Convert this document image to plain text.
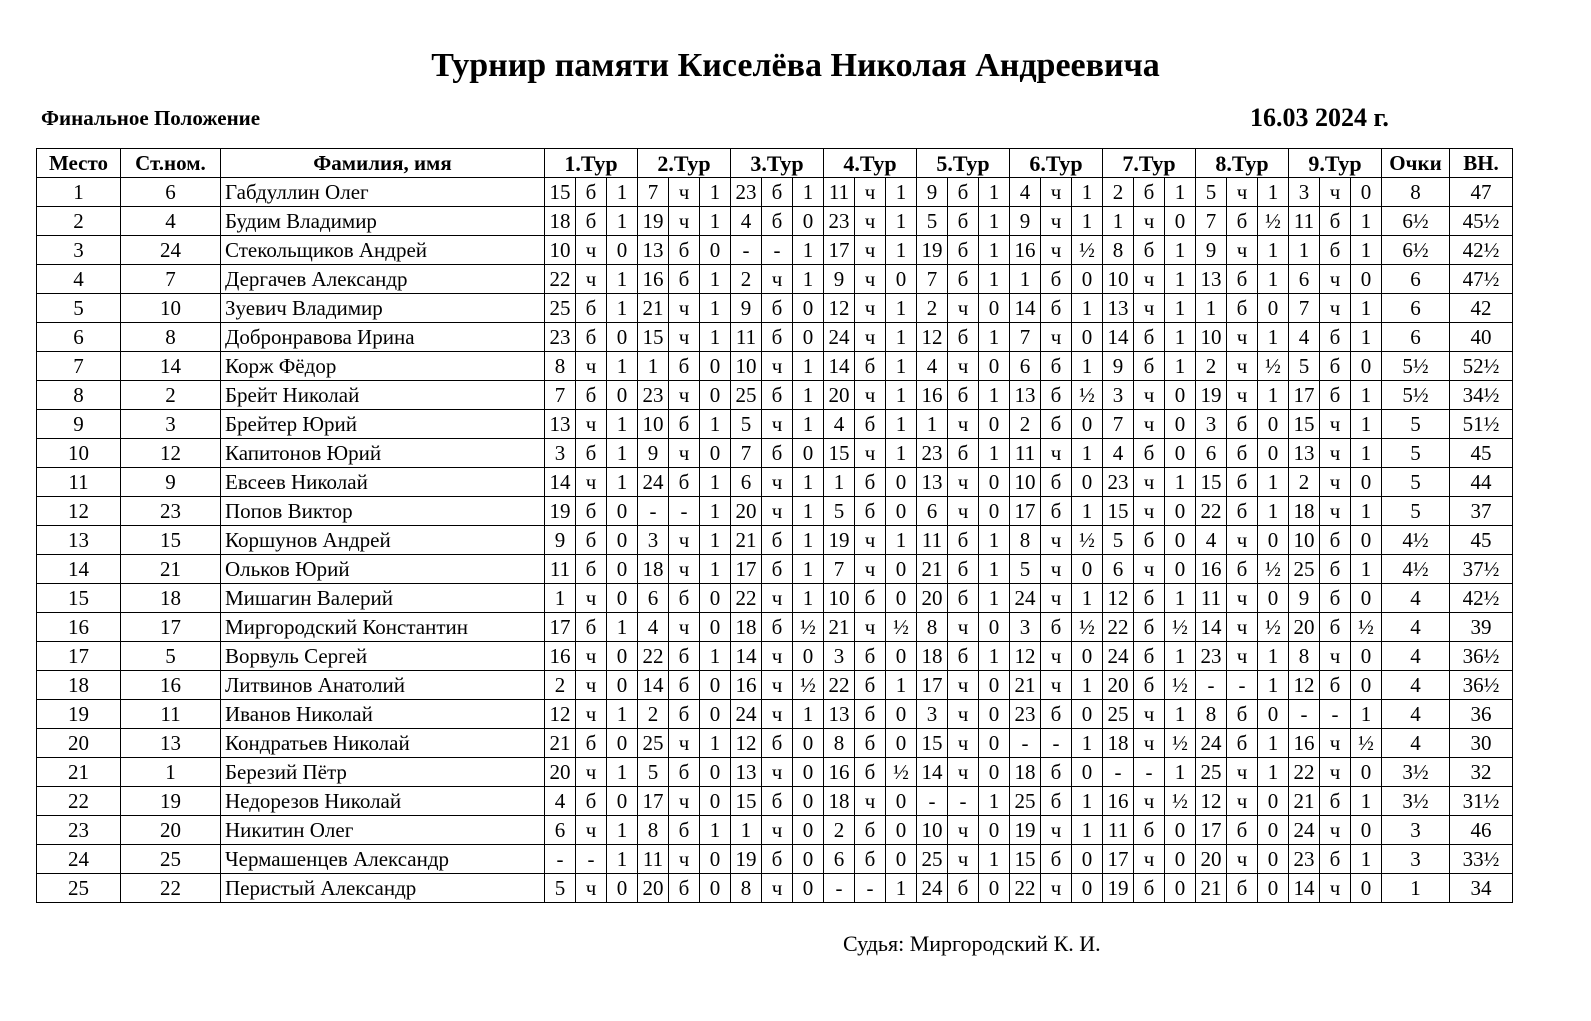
Турнир памяти Киселёва Николая Андреевича
Финальное Положение	16.03 2024 г.
Место	Ст.ном.	Фамилия, имя	1.Тур			2.Тур			3.Тур			4.Тур			5.Тур			6.Тур			7.Тур			8.Тур			9.Тур			Очки	ВН.
1	6	Габдуллин Олег	15	б	1	7	ч	1	23	б	1	11	ч	1	9	б	1	4	ч	1	2	б	1	5	ч	1	3	ч	0	8	47
2	4	Будим Владимир	18	б	1	19	ч	1	4	б	0	23	ч	1	5	б	1	9	ч	1	1	ч	0	7	б	½	11	б	1	6½	45½
3	24	Стекольщиков Андрей	10	ч	0	13	б	0	-	-	1	17	ч	1	19	б	1	16	ч	½	8	б	1	9	ч	1	1	б	1	6½	42½
4	7	Дергачев Александр	22	ч	1	16	б	1	2	ч	1	9	ч	0	7	б	1	1	б	0	10	ч	1	13	б	1	6	ч	0	6	47½
5	10	Зуевич Владимир	25	б	1	21	ч	1	9	б	0	12	ч	1	2	ч	0	14	б	1	13	ч	1	1	б	0	7	ч	1	6	42
6	8	Добронравова Ирина	23	б	0	15	ч	1	11	б	0	24	ч	1	12	б	1	7	ч	0	14	б	1	10	ч	1	4	б	1	6	40
7	14	Корж Фёдор	8	ч	1	1	б	0	10	ч	1	14	б	1	4	ч	0	6	б	1	9	б	1	2	ч	½	5	б	0	5½	52½
8	2	Брейт Николай	7	б	0	23	ч	0	25	б	1	20	ч	1	16	б	1	13	б	½	3	ч	0	19	ч	1	17	б	1	5½	34½
9	3	Брейтер Юрий	13	ч	1	10	б	1	5	ч	1	4	б	1	1	ч	0	2	б	0	7	ч	0	3	б	0	15	ч	1	5	51½
10	12	Капитонов Юрий	3	б	1	9	ч	0	7	б	0	15	ч	1	23	б	1	11	ч	1	4	б	0	6	б	0	13	ч	1	5	45
11	9	Евсеев Николай	14	ч	1	24	б	1	6	ч	1	1	б	0	13	ч	0	10	б	0	23	ч	1	15	б	1	2	ч	0	5	44
12	23	Попов Виктор	19	б	0	-	-	1	20	ч	1	5	б	0	6	ч	0	17	б	1	15	ч	0	22	б	1	18	ч	1	5	37
13	15	Коршунов Андрей	9	б	0	3	ч	1	21	б	1	19	ч	1	11	б	1	8	ч	½	5	б	0	4	ч	0	10	б	0	4½	45
14	21	Ольков Юрий	11	б	0	18	ч	1	17	б	1	7	ч	0	21	б	1	5	ч	0	6	ч	0	16	б	½	25	б	1	4½	37½
15	18	Мишагин Валерий	1	ч	0	6	б	0	22	ч	1	10	б	0	20	б	1	24	ч	1	12	б	1	11	ч	0	9	б	0	4	42½
16	17	Миргородский Константин	17	б	1	4	ч	0	18	б	½	21	ч	½	8	ч	0	3	б	½	22	б	½	14	ч	½	20	б	½	4	39
17	5	Ворвуль Сергей	16	ч	0	22	б	1	14	ч	0	3	б	0	18	б	1	12	ч	0	24	б	1	23	ч	1	8	ч	0	4	36½
18	16	Литвинов Анатолий	2	ч	0	14	б	0	16	ч	½	22	б	1	17	ч	0	21	ч	1	20	б	½	-	-	1	12	б	0	4	36½
19	11	Иванов Николай	12	ч	1	2	б	0	24	ч	1	13	б	0	3	ч	0	23	б	0	25	ч	1	8	б	0	-	-	1	4	36
20	13	Кондратьев Николай	21	б	0	25	ч	1	12	б	0	8	б	0	15	ч	0	-	-	1	18	ч	½	24	б	1	16	ч	½	4	30
21	1	Березий Пётр	20	ч	1	5	б	0	13	ч	0	16	б	½	14	ч	0	18	б	0	-	-	1	25	ч	1	22	ч	0	3½	32
22	19	Недорезов Николай	4	б	0	17	ч	0	15	б	0	18	ч	0	-	-	1	25	б	1	16	ч	½	12	ч	0	21	б	1	3½	31½
23	20	Никитин Олег	6	ч	1	8	б	1	1	ч	0	2	б	0	10	ч	0	19	ч	1	11	б	0	17	б	0	24	ч	0	3	46
24	25	Чермашенцев Александр	-	-	1	11	ч	0	19	б	0	6	б	0	25	ч	1	15	б	0	17	ч	0	20	ч	0	23	б	1	3	33½
25	22	Перистый Александр	5	ч	0	20	б	0	8	ч	0	-	-	1	24	б	0	22	ч	0	19	б	0	21	б	0	14	ч	0	1	34
Судья: Миргородский К. И.
